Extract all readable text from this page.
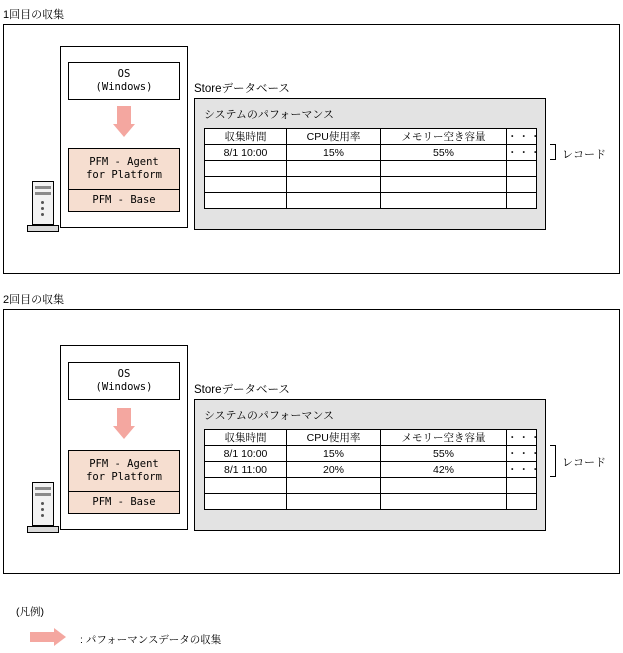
1回目の収集
OS
(Windows)
PFM - Agent
for Platform
PFM - Base
Storeデータベース
システムのパフォーマンス
収集時間	CPU使用率	メモリー空き容量	・・・
8/1 10:00	15%	55%	・・・

			レコード
2回目の収集
OS
(Windows)
PFM - Agent
for Platform
PFM - Base
Storeデータベース
システムのパフォーマンス
収集時間	CPU使用率	メモリー空き容量	・・・
8/1 10:00	15%	55%	・・・
8/1 11:00	20%	42%	・・・

レコード
(凡例)
: パフォーマンスデータの収集
